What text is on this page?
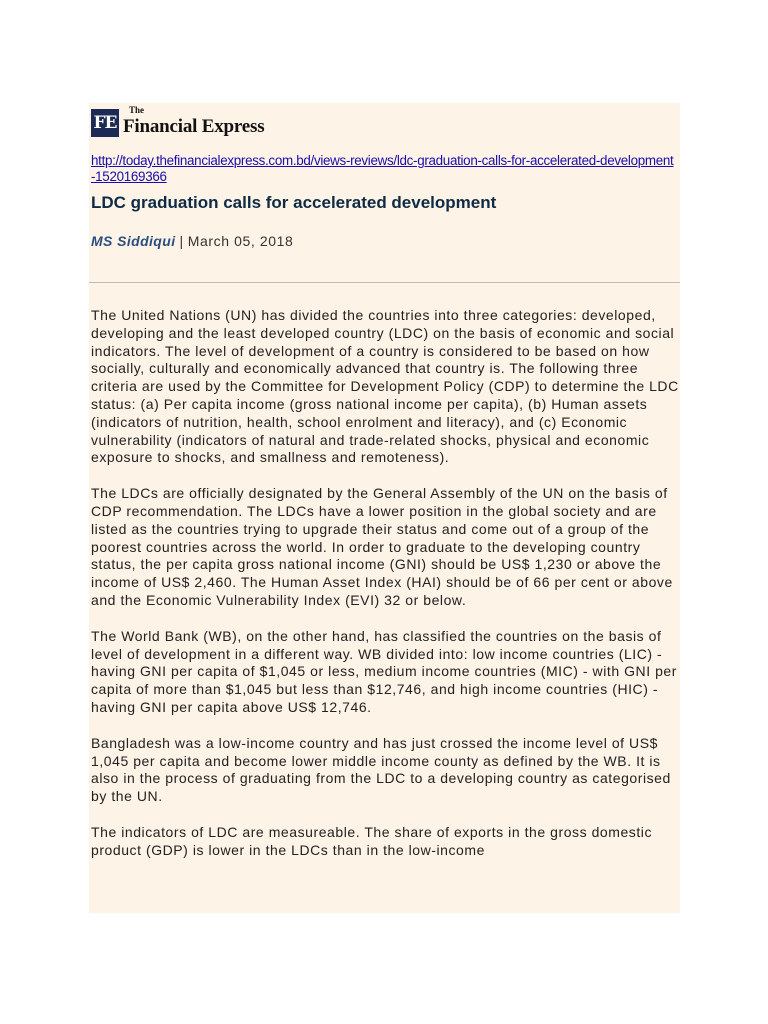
FE
The
Financial Express
http://today.thefinancialexpress.com.bd/views-reviews/ldc-graduation-calls-for-accelerated-development-1520169366
LDC graduation calls for accelerated development
MS Siddiqui | March 05, 2018

The United Nations (UN) has divided the countries into three categories: developed, developing and the least developed country (LDC) on the basis of economic and social indicators. The level of development of a country is considered to be based on how socially, culturally and economically advanced that country is. The following three criteria are used by the Committee for Development Policy (CDP) to determine the LDC status: (a) Per capita income (gross national income per capita), (b) Human assets (indicators of nutrition, health, school enrolment and literacy), and (c) Economic vulnerability (indicators of natural and trade-related shocks, physical and economic exposure to shocks, and smallness and remoteness).

The LDCs are officially designated by the General Assembly of the UN on the basis of CDP recommendation. The LDCs have a lower position in the global society and are listed as the countries trying to upgrade their status and come out of a group of the poorest countries across the world. In order to graduate to the developing country status, the per capita gross national income (GNI) should be US$ 1,230 or above the income of US$ 2,460. The Human Asset Index (HAI) should be of 66 per cent or above and the Economic Vulnerability Index (EVI) 32 or below.

The World Bank (WB), on the other hand, has classified the countries on the basis of level of development in a different way. WB divided into: low income countries (LIC) - having GNI per capita of $1,045 or less, medium income countries (MIC) - with GNI per capita of more than $1,045 but less than $12,746, and high income countries (HIC) -having GNI per capita above US$ 12,746.

Bangladesh was a low-income country and has just crossed the income level of US$ 1,045 per capita and become lower middle income county as defined by the WB. It is also in the process of graduating from the LDC to a developing country as categorised by the UN.

The indicators of LDC are measureable. The share of exports in the gross domestic product (GDP) is lower in the LDCs than in the low-income
